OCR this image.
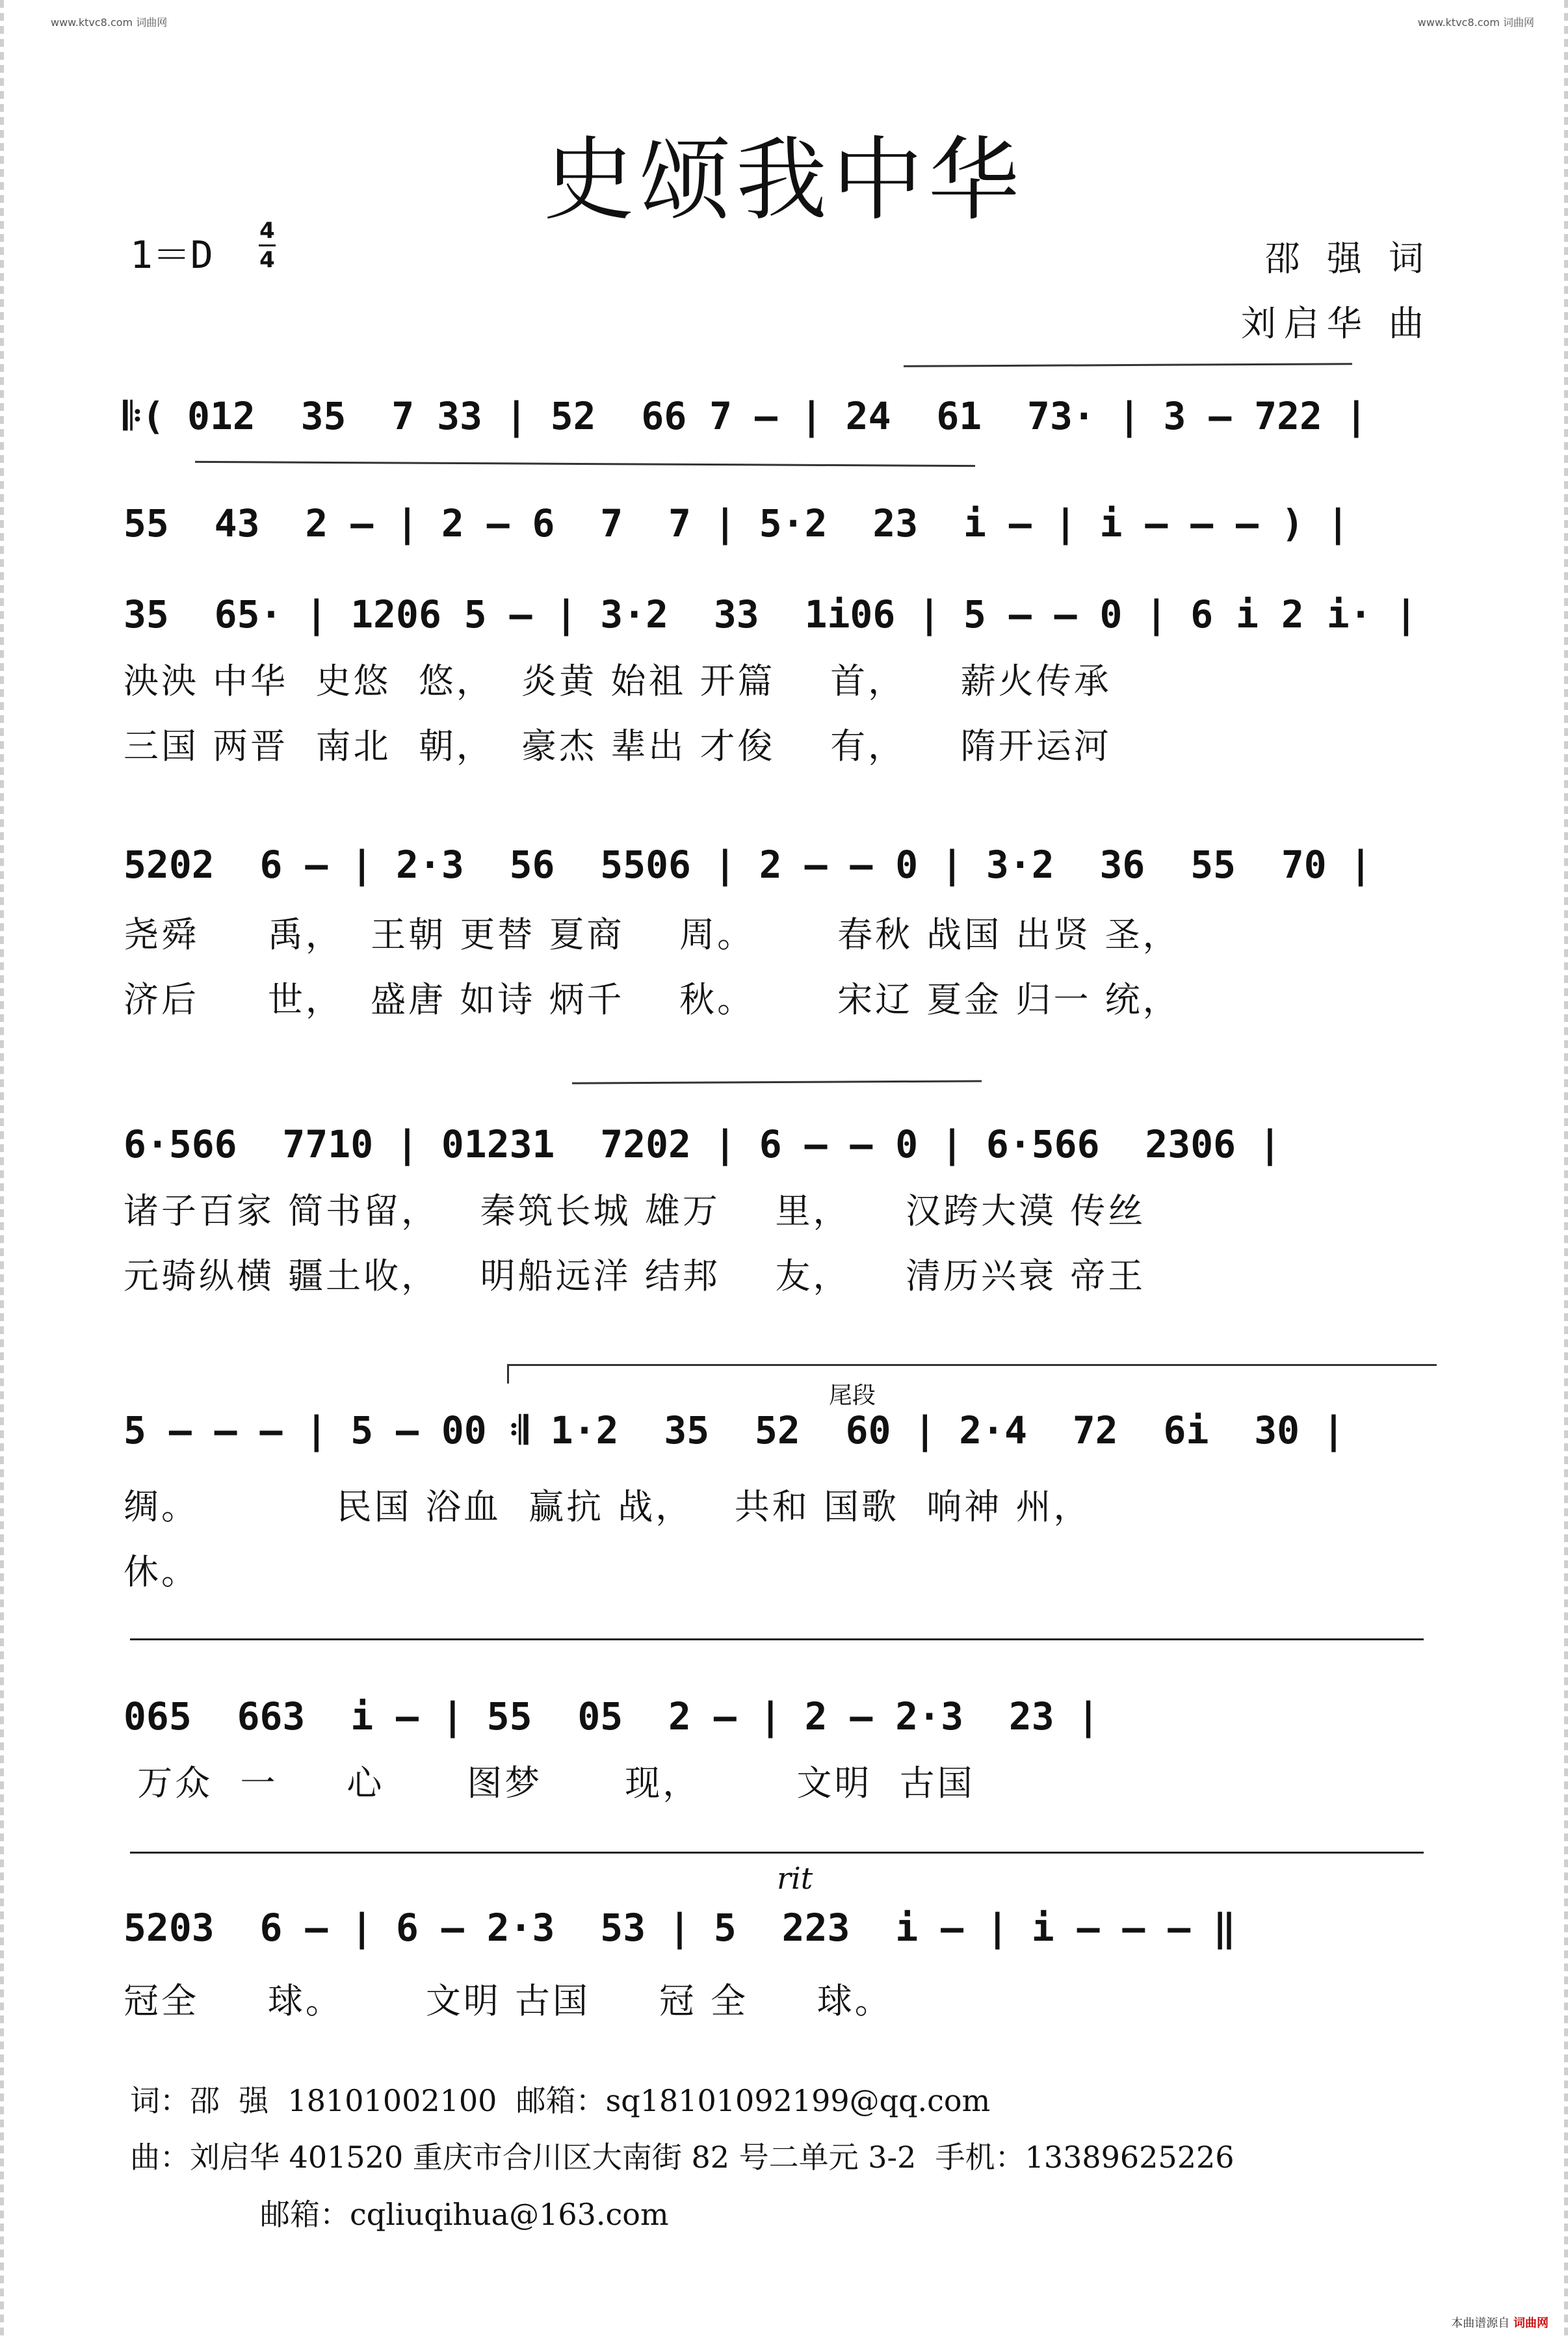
www.ktvc8.com 词曲网	www.ktvc8.com 词曲网
史颂我中华
1＝D
4
4	邵 强 词
刘启华 曲
𝄆( 012  35  7 33 | 52  66 7 – | 24  61  73· | 3 – 722 |
55  43  2 – | 2 – 6  7  7 | 5·2  23  i – | i – – – ) |
35  65· | 1206 5 – | 3·2  33  1i06 | 5 – – 0 | 6 i 2 i· |
泱泱 中华  史悠  悠，  炎黄 始祖 开篇    首，    薪火传承
三国 两晋  南北  朝，  豪杰 辈出 才俊    有，    隋开运河
5202  6 – | 2·3  56  5506 | 2 – – 0 | 3·2  36  55  70 |
尧舜     禹，  王朝 更替 夏商    周。      春秋 战国 出贤 圣，
济后     世，  盛唐 如诗 炳千    秋。      宋辽 夏金 归一 统，
6·566  7710 | 01231  7202 | 6 – – 0 | 6·566  2306 |
诸子百家 简书留，   秦筑长城 雄万    里，    汉跨大漠 传丝
元骑纵横 疆土收，   明船远洋 结邦    友，    清历兴衰 帝王
尾段
5 – – – | 5 – 00 𝄇 1·2  35  52  60 | 2·4  72  6i  30 |
绸。          民国 浴血  赢抗 战，   共和 国歌  响神 州，
休。
065  663  i – | 55  05  2 – | 2 – 2·3  23 |
万众  一     心      图梦      现，       文明  古国
rit
5203  6 – | 6 – 2·3  53 | 5  223  i – | i – – – ‖
冠全     球。      文明 古国     冠 全     球。
词：邵  强  18101002100  邮箱：sq18101092199@qq.com
曲：刘启华 401520 重庆市合川区大南街 82 号二单元 3-2  手机：13389625226
邮箱：cqliuqihua@163.com
本曲谱源自 词曲网
